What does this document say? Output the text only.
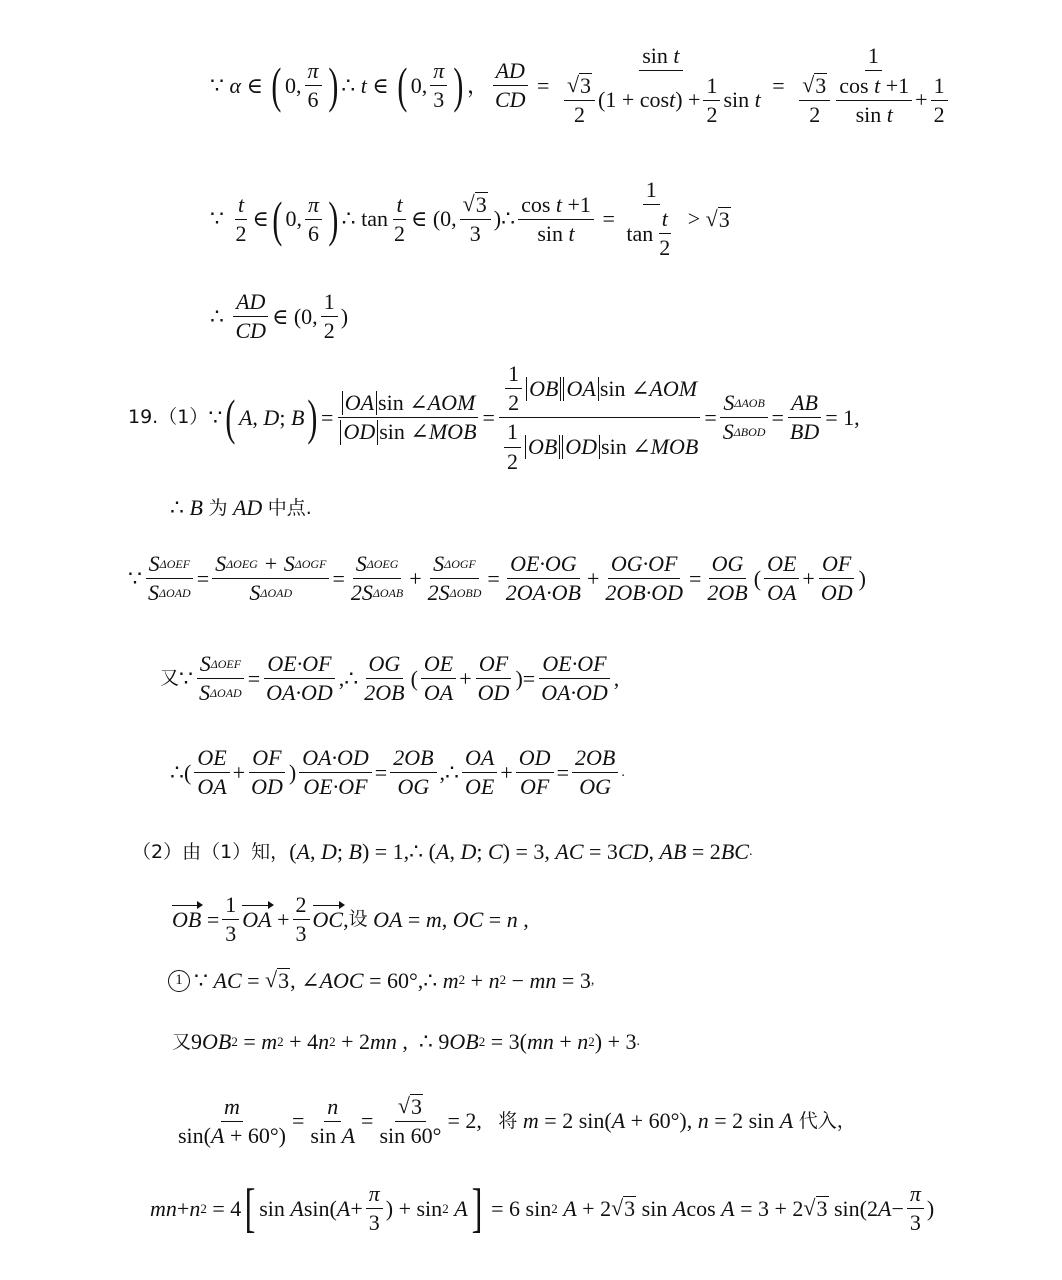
∵
α ∈ ( 0, $\frac{\pi}{6}$ ) ∴
t ∈ ( 0, $\frac{\pi}{3}$ ) ， $\frac{AD}{CD} = \frac{\text{sin t}}{\frac{√ 3}{2} (1 + \cos t ) + \frac{1}{2} \sin t} = \frac{1}{\frac{√ 3}{2} \frac{\text{cos t +1}}{\text{sin t}} + \frac{1}{2}}$
∵
$\frac{t}{2}$ ∈ ( 0, $\frac{\pi}{6}$ ) ∴ $\tan \frac{t}{2}$ ∈ (0, $\frac{√ 3}{3}$ ) ∴ $\frac{\text{cos t +1}}{\text{sin t}} = \frac{1}{\tan \frac{t}{2}}$ > √ 3
∴
$\frac{AD}{CD}$ ∈ (0, $\frac{1}{2}$ )
19.（1） ∵ ( A , D ; B ) = $\frac{\text{OA sin ∠ AOM}}{\text{OD sin ∠ MOB}} = \frac{\frac{1}{2} OB OA \sin \angle AOM}{\frac{1}{2} OB OD \sin \angle MOB} = \frac{\text{S ΔAOB}}{\text{S ΔBOD}} = \frac{AB}{BD} = 1$,
∴
B
为
AD
中点.
∵ $\frac{\text{S ΔOEF}}{\text{S ΔOAD}} = \frac{\text{S ΔOEG + S ΔOGF}}{\text{S ΔOAD}} = \frac{\text{S ΔOEG}}{\text{2S ΔOAB}} + \frac{\text{S ΔOGF}}{\text{2S ΔOBD}} = \frac{OE\cdot OG}{2OA\cdot OB} + \frac{OG\cdot OF}{2OB\cdot OD} = \frac{OG}{2OB}$ ( $\frac{OE}{OA} + \frac{OF}{OD}$ )
又 ∵ $\frac{\text{S ΔOEF}}{\text{S ΔOAD}} = \frac{OE\cdot OF}{OA\cdot OD}$ , ∴ $\frac{OG}{2OB}$ ( $\frac{OE}{OA} + \frac{OF}{OD}$ )= $\frac{OE\cdot OF}{OA\cdot OD}$ ,
∴ ( $\frac{OE}{OA} + \frac{OF}{OD}$ ) $\frac{OA\cdot OD}{OE\cdot OF} = \frac{2OB}{OG}$ , ∴ $\frac{OA}{OE} + \frac{OD}{OF} = \frac{2OB}{OG}$ .
（2）由（1）知， ( A , D ; B ) = 1, ∴ ( A , D ; C ) = 3, AC = 3 CD , AB = 2 BC .
OB = $\frac{1}{3}$ OA + $\frac{2}{3}$ OC , 设
OA = m , OC = n ,
1 ∵
AC = √ 3 , ∠ AOC = 60°, ∴
m 2 + n 2 − mn = 3 ,
又 9 OB 2 = m 2 + 4 n 2 + 2 mn , ∴ 9 OB 2 = 3( mn + n 2 ) + 3 .
$\frac{m}{\sin( A + 60^\circ)} = \frac{n}{\text{sin A}} = \frac{√ 3}{\sin 60^\circ} = 2$, 将
m = 2 sin( A + 60°), n = 2 sin A
代入，
mn + n 2 = 4 [ sin A sin( $A + \frac{\pi}{3}$ ) + sin 2
A ] = 6 sin 2
A + 2 √ 3 sin A cos A = 3 + 2 √ 3 sin(2 $A - \frac{\pi}{3}$ )
